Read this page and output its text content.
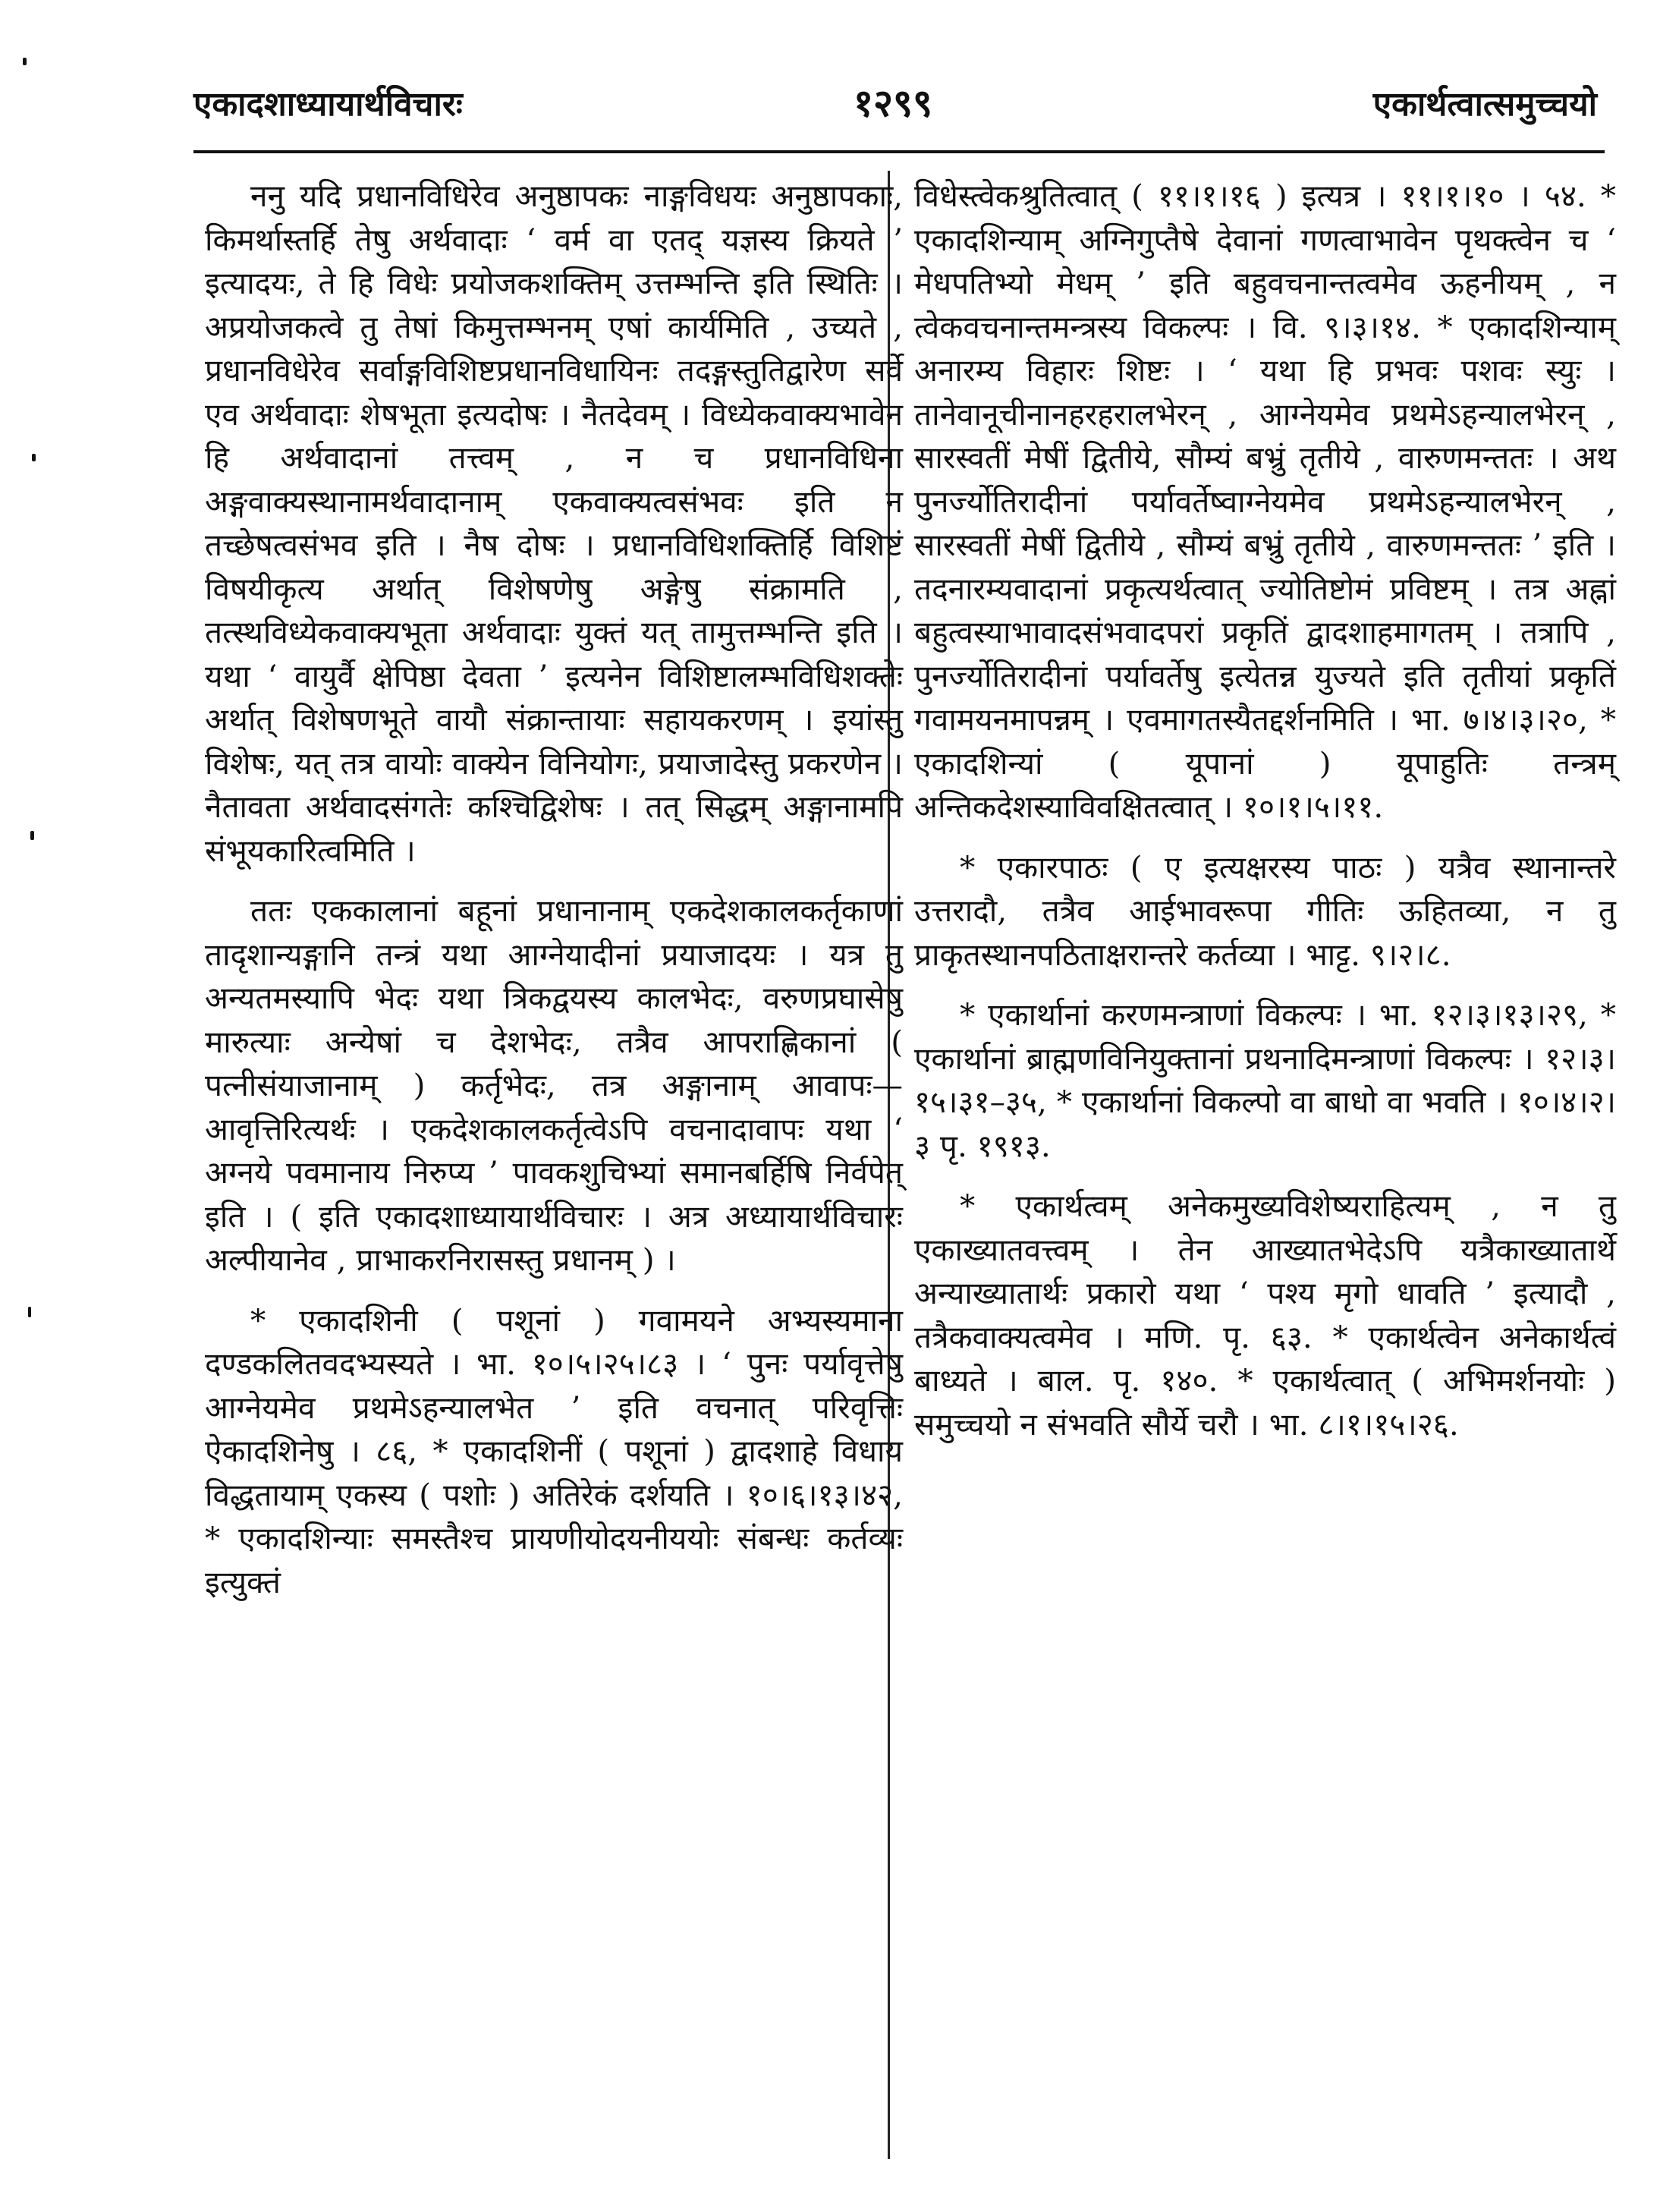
एकादशाध्यायार्थविचारः	१२९९	एकार्थत्वात्समुच्चयो

ननु यदि प्रधानविधिरेव अनुष्ठापकः नाङ्गविधयः अनुष्ठापकाः, किमर्थास्तर्हि तेषु अर्थवादाः ‘ वर्म वा एतद् यज्ञस्य क्रियते ’ इत्यादयः, ते हि विधेः प्रयोजकशक्तिम् उत्तम्भन्ति इति स्थितिः । अप्रयोजकत्वे तु तेषां किमुत्तम्भनम् एषां कार्यमिति , उच्यते , प्रधानविधेरेव सर्वाङ्गविशिष्टप्रधानविधायिनः तदङ्गस्तुतिद्वारेण सर्वे एव अर्थवादाः शेषभूता इत्यदोषः । नैतदेवम् । विध्येकवाक्यभावेन हि अर्थवादानां तत्त्वम् , न च प्रधानविधिना अङ्गवाक्यस्थानामर्थवादानाम् एकवाक्यत्वसंभवः इति न तच्छेषत्वसंभव इति । नैष दोषः । प्रधानविधिशक्तिर्हि विशिष्टं विषयीकृत्य अर्थात् विशेषणेषु अङ्गेषु संक्रामति , तत्स्थविध्येकवाक्यभूता अर्थवादाः युक्तं यत् तामुत्तम्भन्ति इति । यथा ‘ वायुर्वै क्षेपिष्ठा देवता ’ इत्यनेन विशिष्टालम्भविधिशक्तेः अर्थात् विशेषणभूते वायौ संक्रान्तायाः सहायकरणम् । इयांस्तु विशेषः, यत् तत्र वायोः वाक्येन विनियोगः, प्रयाजादेस्तु प्रकरणेन । नैतावता अर्थवादसंगतेः कश्चिद्विशेषः । तत् सिद्धम् अङ्गानामपि संभूयकारित्वमिति ।

ततः एककालानां बहूनां प्रधानानाम् एकदेशकालकर्तृकाणां तादृशान्यङ्गानि तन्त्रं यथा आग्नेयादीनां प्रयाजादयः । यत्र तु अन्यतमस्यापि भेदः यथा त्रिकद्वयस्य कालभेदः, वरुणप्रघासेषु मारुत्याः अन्येषां च देशभेदः, तत्रैव आपराह्णिकानां ( पत्नीसंयाजानाम् ) कर्तृभेदः, तत्र अङ्गानाम् आवापः— आवृत्तिरित्यर्थः । एकदेशकालकर्तृत्वेऽपि वचनादावापः यथा ‘ अग्नये पवमानाय निरुप्य ’ पावकशुचिभ्यां समानबर्हिषि निर्वपेत् इति । ( इति एकादशाध्यायार्थविचारः । अत्र अध्यायार्थविचारः अल्पीयानेव , प्राभाकरनिरासस्तु प्रधानम् ) ।

* एकादशिनी ( पशूनां ) गवामयने अभ्यस्यमाना दण्डकलितवदभ्यस्यते । भा. १०।५।२५।८३ । ‘ पुनः पर्यावृत्तेषु आग्नेयमेव प्रथमेऽहन्यालभेत ’ इति वचनात् परिवृत्तिः ऐकादशिनेषु । ८६, * एकादशिनीं ( पशूनां ) द्वादशाहे विधाय विद्धतायाम् एकस्य ( पशोः ) अतिरेकं दर्शयति । १०।६।१३।४२, * एकादशिन्याः समस्तैश्च प्रायणीयोदयनीययोः संबन्धः कर्तव्यः इत्युक्तं

विधेस्त्वेकश्रुतित्वात् ( ११।१।१६ ) इत्यत्र । ११।१।१० । ५४. * एकादशिन्याम् अग्निगुप्तैषे देवानां गणत्वाभावेन पृथक्त्वेन च ‘ मेधपतिभ्यो मेधम् ’ इति बहुवचनान्तत्वमेव ऊहनीयम् , न त्वेकवचनान्तमन्त्रस्य विकल्पः । वि. ९।३।१४. * एकादशिन्याम् अनारम्य विहारः शिष्टः । ‘ यथा हि प्रभवः पशवः स्युः । तानेवानूचीनानहरहरालभेरन् , आग्नेयमेव प्रथमेऽहन्यालभेरन् , सारस्वतीं मेषीं द्वितीये, सौम्यं बभ्रुं तृतीये , वारुणमन्ततः । अथ पुनर्ज्योतिरादीनां पर्यावर्तेष्वाग्नेयमेव प्रथमेऽहन्यालभेरन् , सारस्वतीं मेषीं द्वितीये , सौम्यं बभ्रुं तृतीये , वारुणमन्ततः ’ इति । तदनारम्यवादानां प्रकृत्यर्थत्वात् ज्योतिष्टोमं प्रविष्टम् । तत्र अह्नां बहुत्वस्याभावादसंभवादपरां प्रकृतिं द्वादशाहमागतम् । तत्रापि , पुनर्ज्योतिरादीनां पर्यावर्तेषु इत्येतन्न युज्यते इति तृतीयां प्रकृतिं गवामयनमापन्नम् । एवमागतस्यैतद्दर्शनमिति । भा. ७।४।३।२०, * एकादशिन्यां ( यूपानां ) यूपाहुतिः तन्त्रम् अन्तिकदेशस्याविवक्षितत्वात् । १०।१।५।११.

* एकारपाठः ( ए इत्यक्षरस्य पाठः ) यत्रैव स्थानान्तरे उत्तरादौ, तत्रैव आईभावरूपा गीतिः ऊहितव्या, न तु प्राकृतस्थानपठिताक्षरान्तरे कर्तव्या । भाट्ट. ९।२।८.

* एकार्थानां करणमन्त्राणां विकल्पः । भा. १२।३।१३।२९, * एकार्थानां ब्राह्मणविनियुक्तानां प्रथनादिमन्त्राणां विकल्पः । १२।३।१५।३१–३५, * एकार्थानां विकल्पो वा बाधो वा भवति । १०।४।२।३ पृ. १९१३.

* एकार्थत्वम् अनेकमुख्यविशेष्यराहित्यम् , न तु एकाख्यातवत्त्वम् । तेन आख्यातभेदेऽपि यत्रैकाख्यातार्थे अन्याख्यातार्थः प्रकारो यथा ‘ पश्य मृगो धावति ’ इत्यादौ , तत्रैकवाक्यत्वमेव । मणि. पृ. ६३. * एकार्थत्वेन अनेकार्थत्वं बाध्यते । बाल. पृ. १४०. * एकार्थत्वात् ( अभिमर्शनयोः ) समुच्चयो न संभवति सौर्ये चरौ । भा. ८।१।१५।२६.
